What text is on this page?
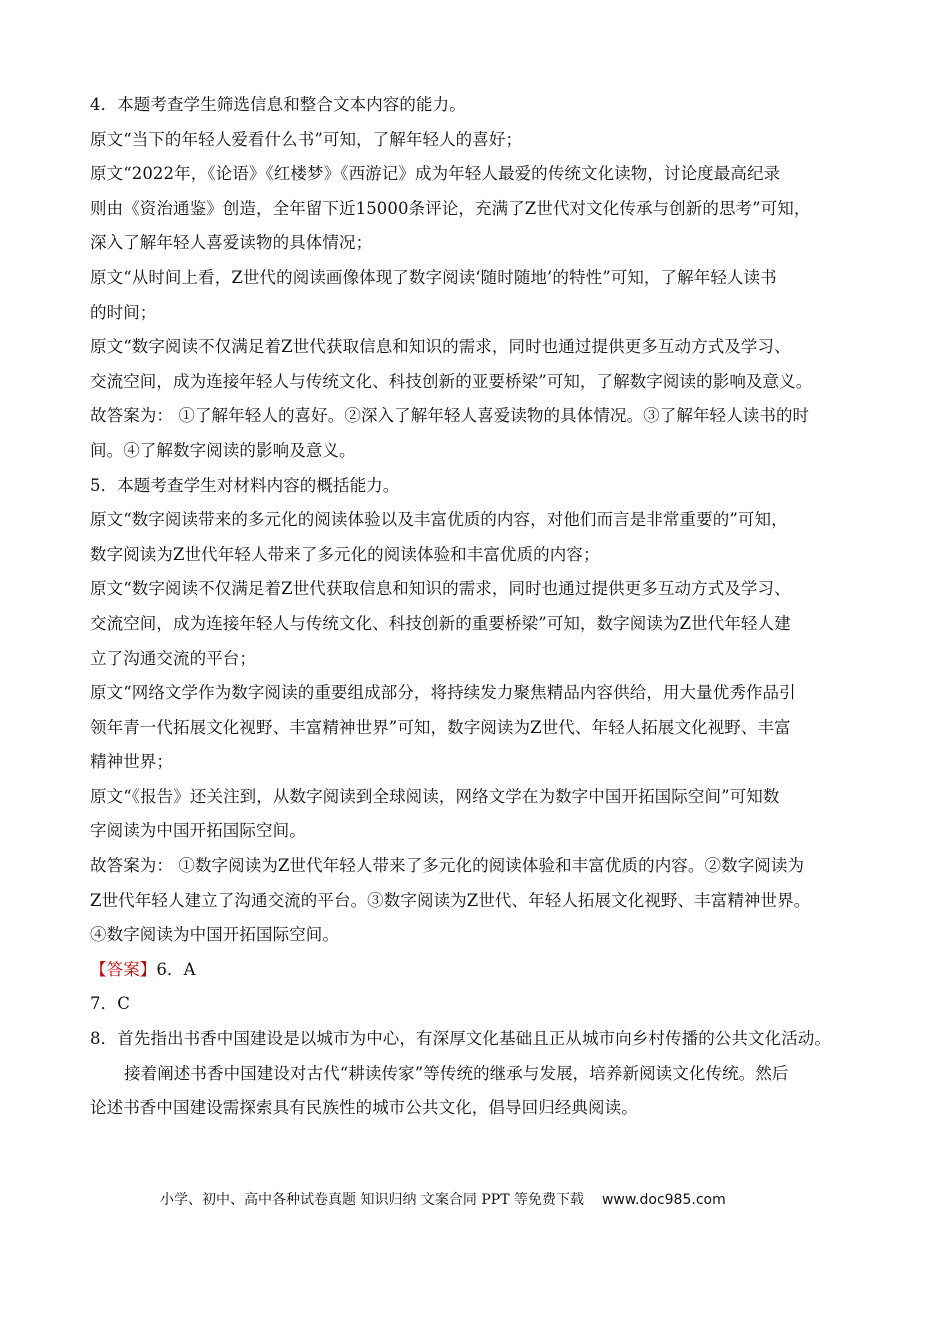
4．本题考查学生筛选信息和整合文本内容的能力。
原文“当下的年轻人爱看什么书”可知，了解年轻人的喜好；
原文“2022年，《论语》《红楼梦》《西游记》成为年轻人最爱的传统文化读物，讨论度最高纪录
则由《资治通鉴》创造，全年留下近15000条评论，充满了Z世代对文化传承与创新的思考”可知，
深入了解年轻人喜爱读物的具体情况；
原文“从时间上看，Z世代的阅读画像体现了数字阅读‘随时随地’的特性”可知，了解年轻人读书
的时间；
原文“数字阅读不仅满足着Z世代获取信息和知识的需求，同时也通过提供更多互动方式及学习、
交流空间，成为连接年轻人与传统文化、科技创新的亚要桥梁”可知，了解数字阅读的影响及意义。
故答案为： ①了解年轻人的喜好。②深入了解年轻人喜爱读物的具体情况。③了解年轻人读书的时
间。④了解数字阅读的影响及意义。
5．本题考查学生对材料内容的概括能力。
原文“数字阅读带来的多元化的阅读体验以及丰富优质的内容，对他们而言是非常重要的”可知，
数字阅读为Z世代年轻人带来了多元化的阅读体验和丰富优质的内容；
原文“数字阅读不仅满足着Z世代获取信息和知识的需求，同时也通过提供更多互动方式及学习、
交流空间，成为连接年轻人与传统文化、科技创新的重要桥梁”可知，数字阅读为Z世代年轻人建
立了沟通交流的平台；
原文“网络文学作为数字阅读的重要组成部分，将持续发力聚焦精品内容供给，用大量优秀作品引
领年青一代拓展文化视野、丰富精神世界”可知，数字阅读为Z世代、年轻人拓展文化视野、丰富
精神世界；
原文“《报告》还关注到，从数字阅读到全球阅读，网络文学在为数字中国开拓国际空间”可知数
字阅读为中国开拓国际空间。
故答案为： ①数字阅读为Z世代年轻人带来了多元化的阅读体验和丰富优质的内容。②数字阅读为
Z世代年轻人建立了沟通交流的平台。③数字阅读为Z世代、年轻人拓展文化视野、丰富精神世界。
④数字阅读为中国开拓国际空间。
【答案】6．A
7．C
8．首先指出书香中国建设是以城市为中心，有深厚文化基础且正从城市向乡村传播的公共文化活动。
接着阐述书香中国建设对古代“耕读传家”等传统的继承与发展，培养新阅读文化传统。然后
论述书香中国建设需探索具有民族性的城市公共文化，倡导回归经典阅读。
小学、初中、高中各种试卷真题 知识归纳 文案合同 PPT 等免费下载 www.doc985.com
